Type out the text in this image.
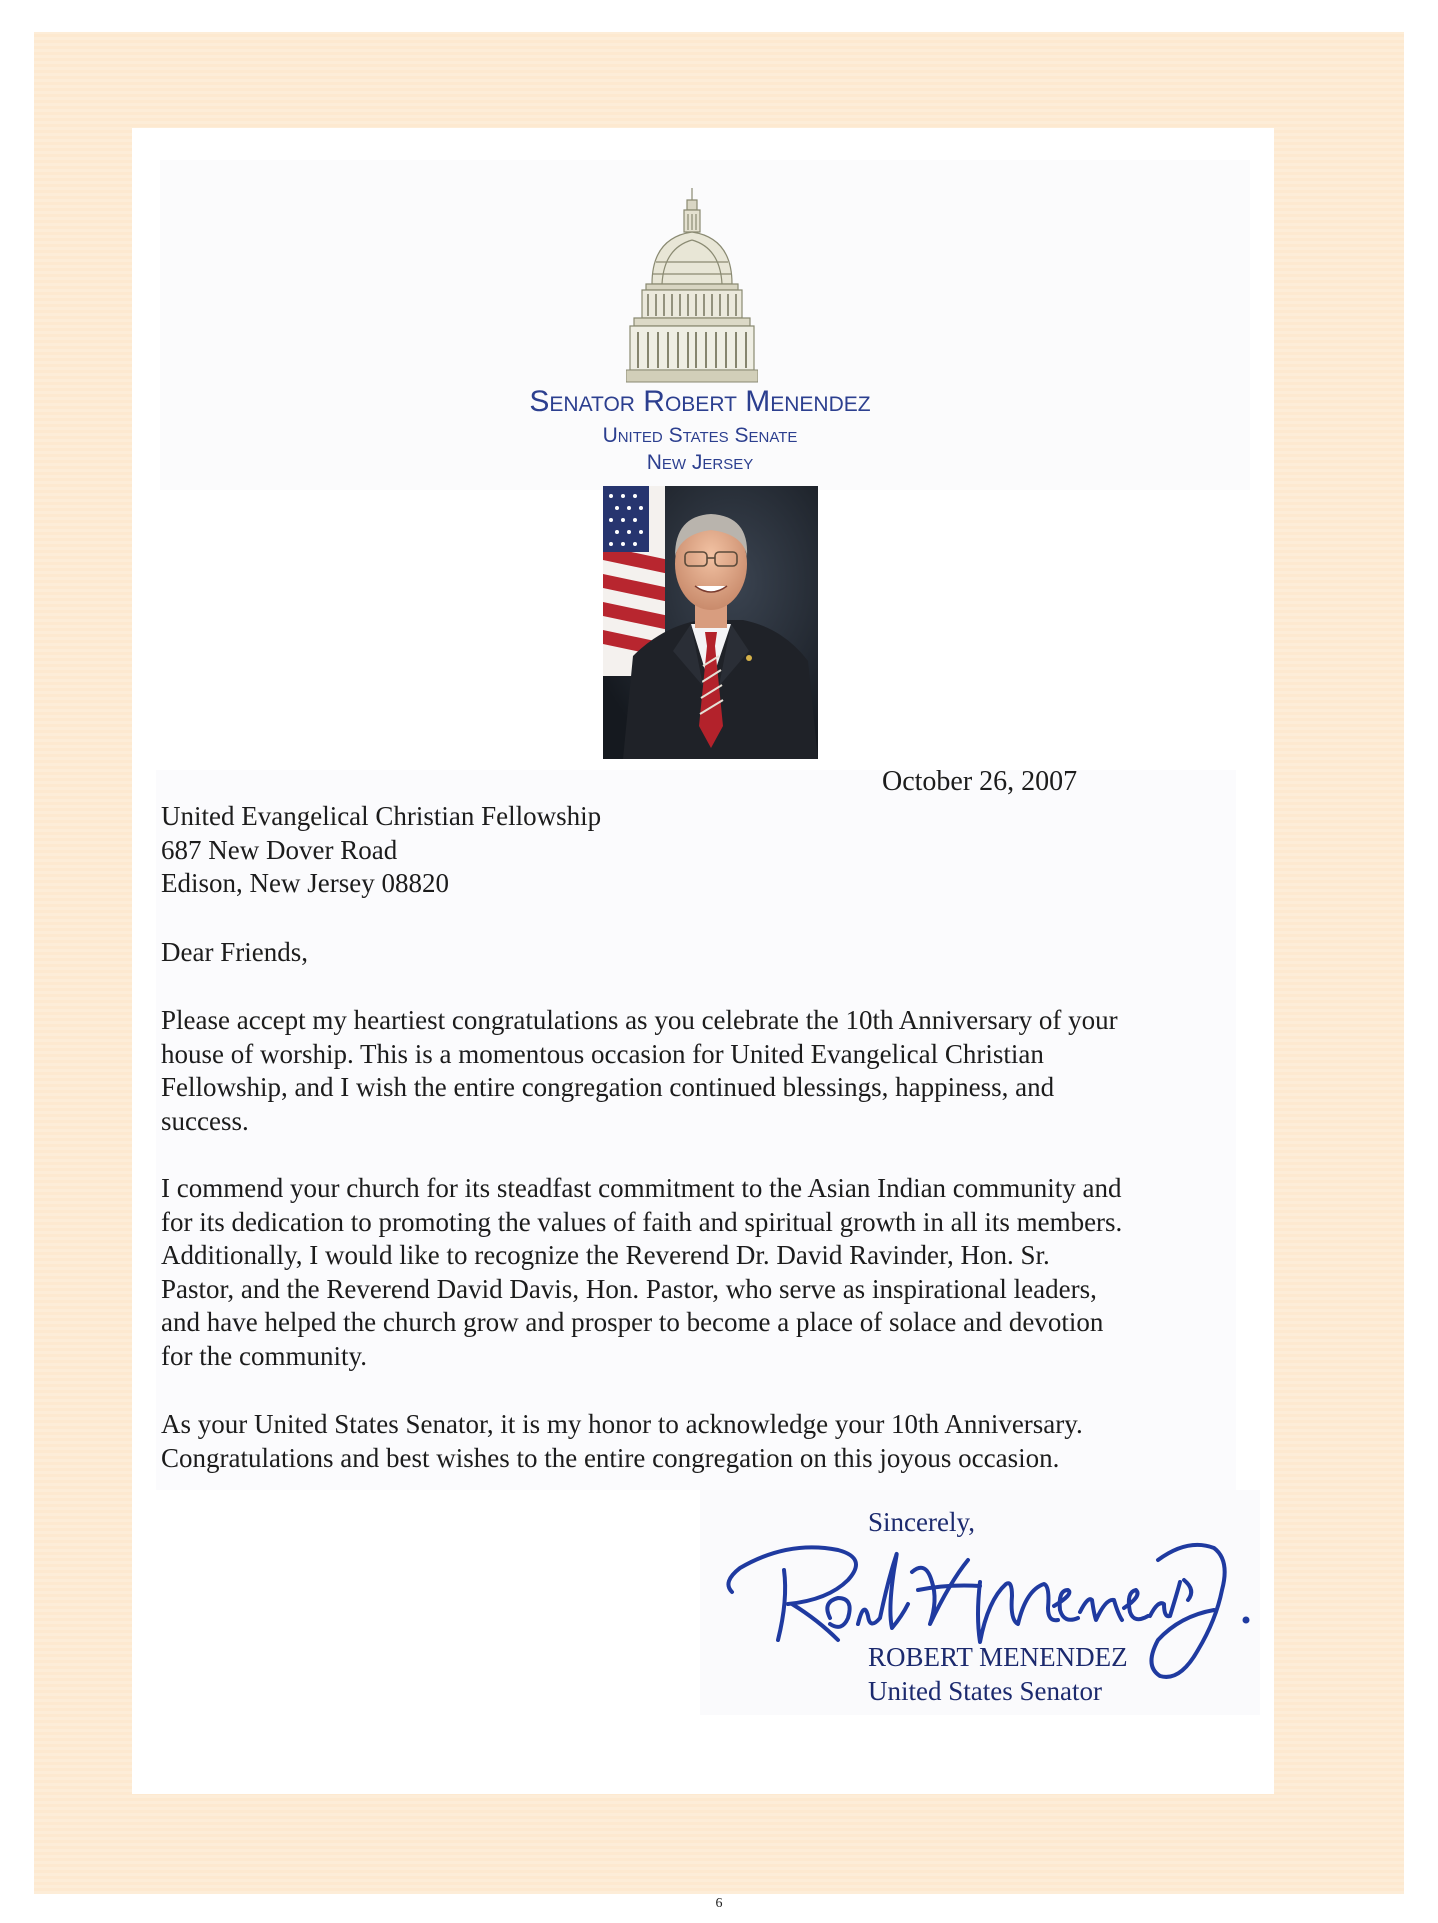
Senator Robert Menendez
United States Senate
New Jersey
October 26, 2007
United Evangelical Christian Fellowship
687 New Dover Road
Edison, New Jersey 08820
Dear Friends,
Please accept my heartiest congratulations as you celebrate the 10th Anniversary of your
house of worship. This is a momentous occasion for United Evangelical Christian
Fellowship, and I wish the entire congregation continued blessings, happiness, and
success.
I commend your church for its steadfast commitment to the Asian Indian community and
for its dedication to promoting the values of faith and spiritual growth in all its members.
Additionally, I would like to recognize the Reverend Dr. David Ravinder, Hon. Sr.
Pastor, and the Reverend David Davis, Hon. Pastor, who serve as inspirational leaders,
and have helped the church grow and prosper to become a place of solace and devotion
for the community.
As your United States Senator, it is my honor to acknowledge your 10th Anniversary.
Congratulations and best wishes to the entire congregation on this joyous occasion.
Sincerely,
ROBERT MENENDEZ
United States Senator
6
